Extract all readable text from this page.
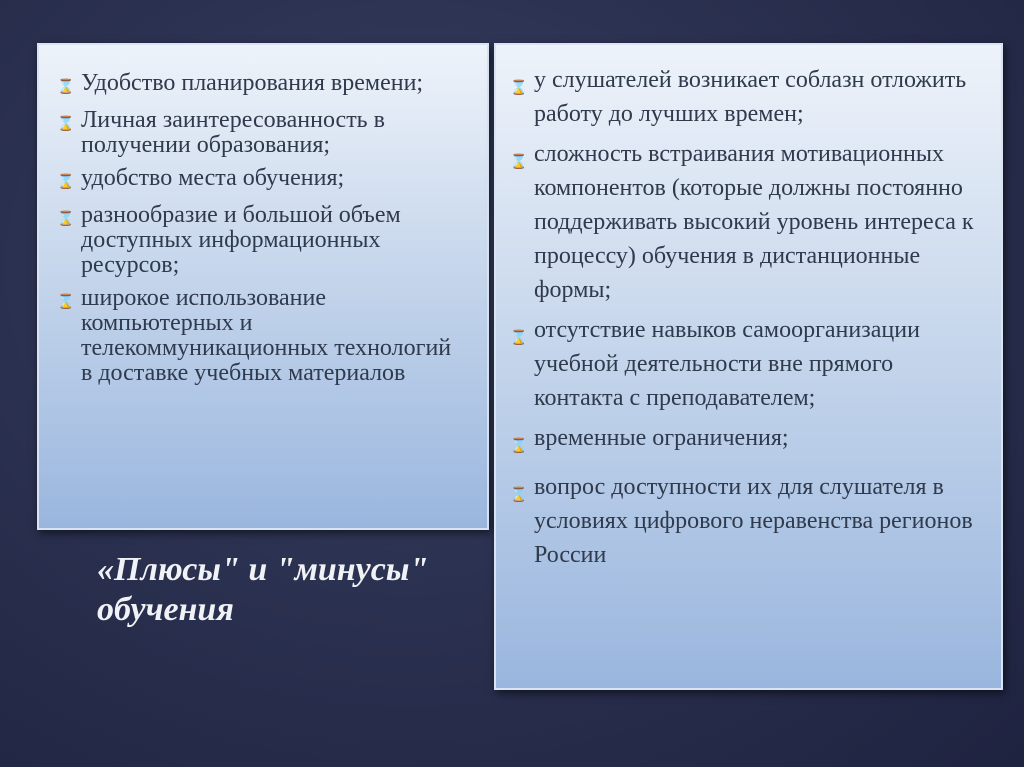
⌛ Удобство планирования времени;
⌛ Личная заинтересованность в получении образования;
⌛ удобство места обучения;
⌛ разнообразие и большой объем доступных информационных ресурсов;
⌛ широкое использование компьютерных и телекоммуникационных технологий в доставке учебных материалов
⌛ у слушателей возникает соблазн отложить работу до лучших времен;
⌛ сложность встраивания мотивационных компонентов (которые должны постоянно поддерживать высокий уровень интереса к процессу) обучения в дистанционные формы;
⌛ отсутствие навыков самоорганизации учебной деятельности вне прямого контакта с преподавателем;
⌛ временные ограничения;
⌛ вопрос доступности их для слушателя в условиях цифрового неравенства регионов России
«Плюсы" и "минусы" обучения
